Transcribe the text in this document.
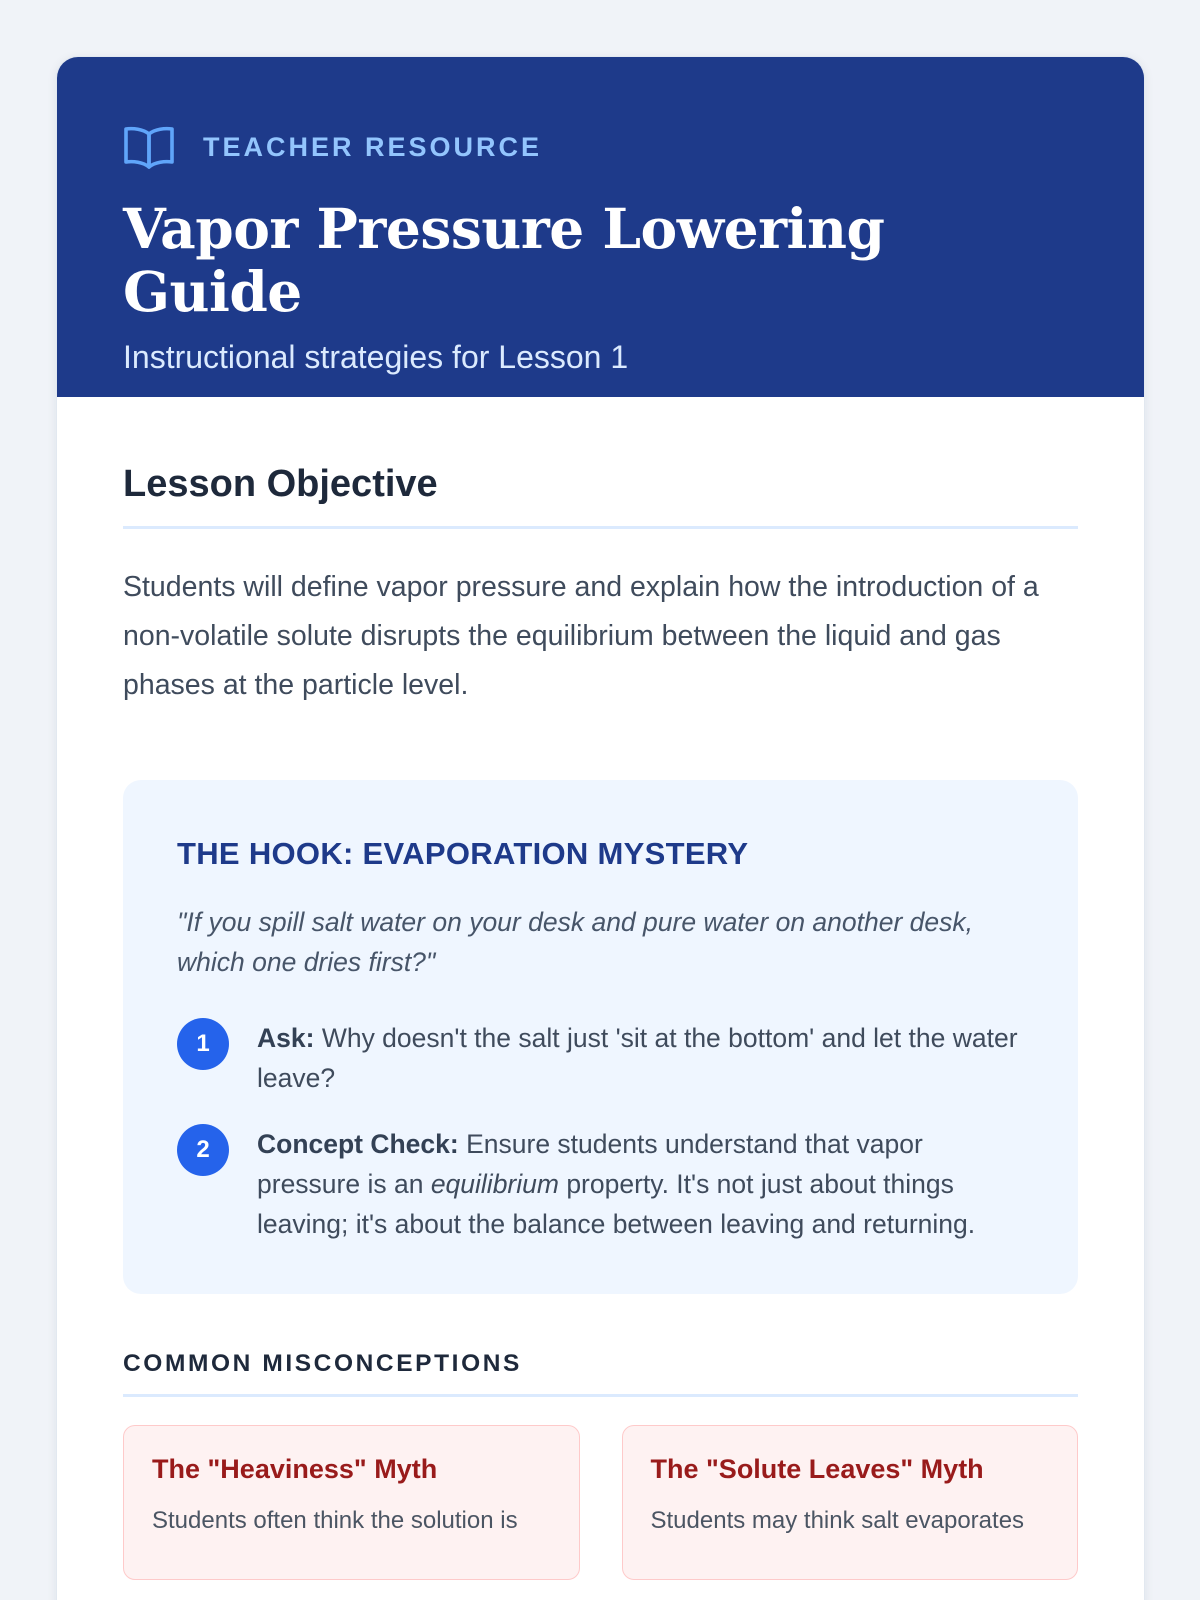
TEACHER RESOURCE
Vapor Pressure Lowering Guide

Instructional strategies for Lesson 1

Lesson Objective

Students will define vapor pressure and explain how the introduction of a non-volatile solute disrupts the equilibrium between the liquid and gas phases at the particle level.

THE HOOK: EVAPORATION MYSTERY

"If you spill salt water on your desk and pure water on another desk, which one dries first?"

1	Ask: Why doesn't the salt just 'sit at the bottom' and let the water leave?

2	Concept Check: Ensure students understand that vapor pressure is an equilibrium property. It's not just about things leaving; it's about the balance between leaving and returning.

COMMON MISCONCEPTIONS
The "Heaviness" Myth

Students often think the solution is

The "Solute Leaves" Myth

Students may think salt evaporates
